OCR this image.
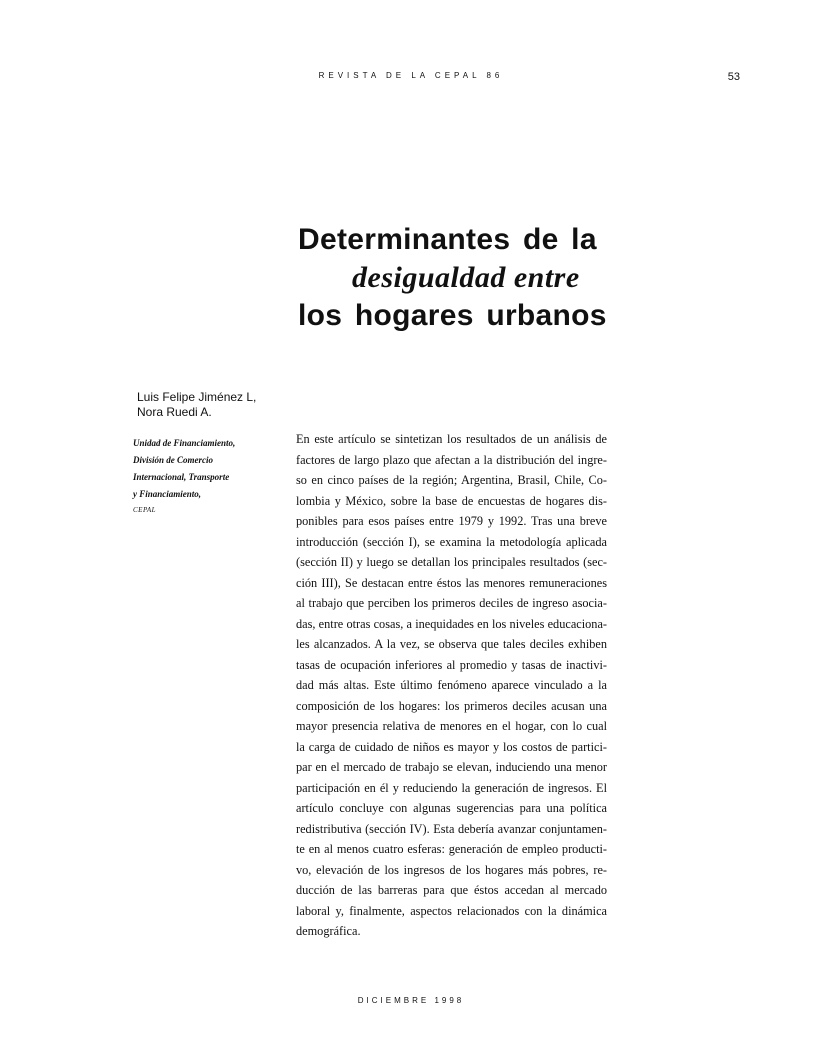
REVISTA DE LA CEPAL 86	53
Determinantes de la
desigualdad entre
los hogares urbanos
Luis Felipe Jiménez L,
Nora Ruedi A.
Unidad de Financiamiento,
División de Comercio
Internacional, Transporte
y Financiamiento,
CEPAL

En este artículo se sintetizan los resultados de un análisis de
factores de largo plazo que afectan a la distribución del ingre-
so en cinco países de la región; Argentina, Brasil, Chile, Co-
lombia y México, sobre la base de encuestas de hogares dis-
ponibles para esos países entre 1979 y 1992. Tras una breve
introducción (sección I), se examina la metodología aplicada
(sección II) y luego se detallan los principales resultados (sec-
ción III), Se destacan entre éstos las menores remuneraciones
al trabajo que perciben los primeros deciles de ingreso asocia-
das, entre otras cosas, a inequidades en los niveles educaciona-
les alcanzados. A la vez, se observa que tales deciles exhiben
tasas de ocupación inferiores al promedio y tasas de inactivi-
dad más altas. Este último fenómeno aparece vinculado a la
composición de los hogares: los primeros deciles acusan una
mayor presencia relativa de menores en el hogar, con lo cual
la carga de cuidado de niños es mayor y los costos de partici-
par en el mercado de trabajo se elevan, induciendo una menor
participación en él y reduciendo la generación de ingresos. El
artículo concluye con algunas sugerencias para una política
redistributiva (sección IV). Esta debería avanzar conjuntamen-
te en al menos cuatro esferas: generación de empleo producti-
vo, elevación de los ingresos de los hogares más pobres, re-
ducción de las barreras para que éstos accedan al mercado
laboral y, finalmente, aspectos relacionados con la dinámica
demográfica.

DICIEMBRE 1998
